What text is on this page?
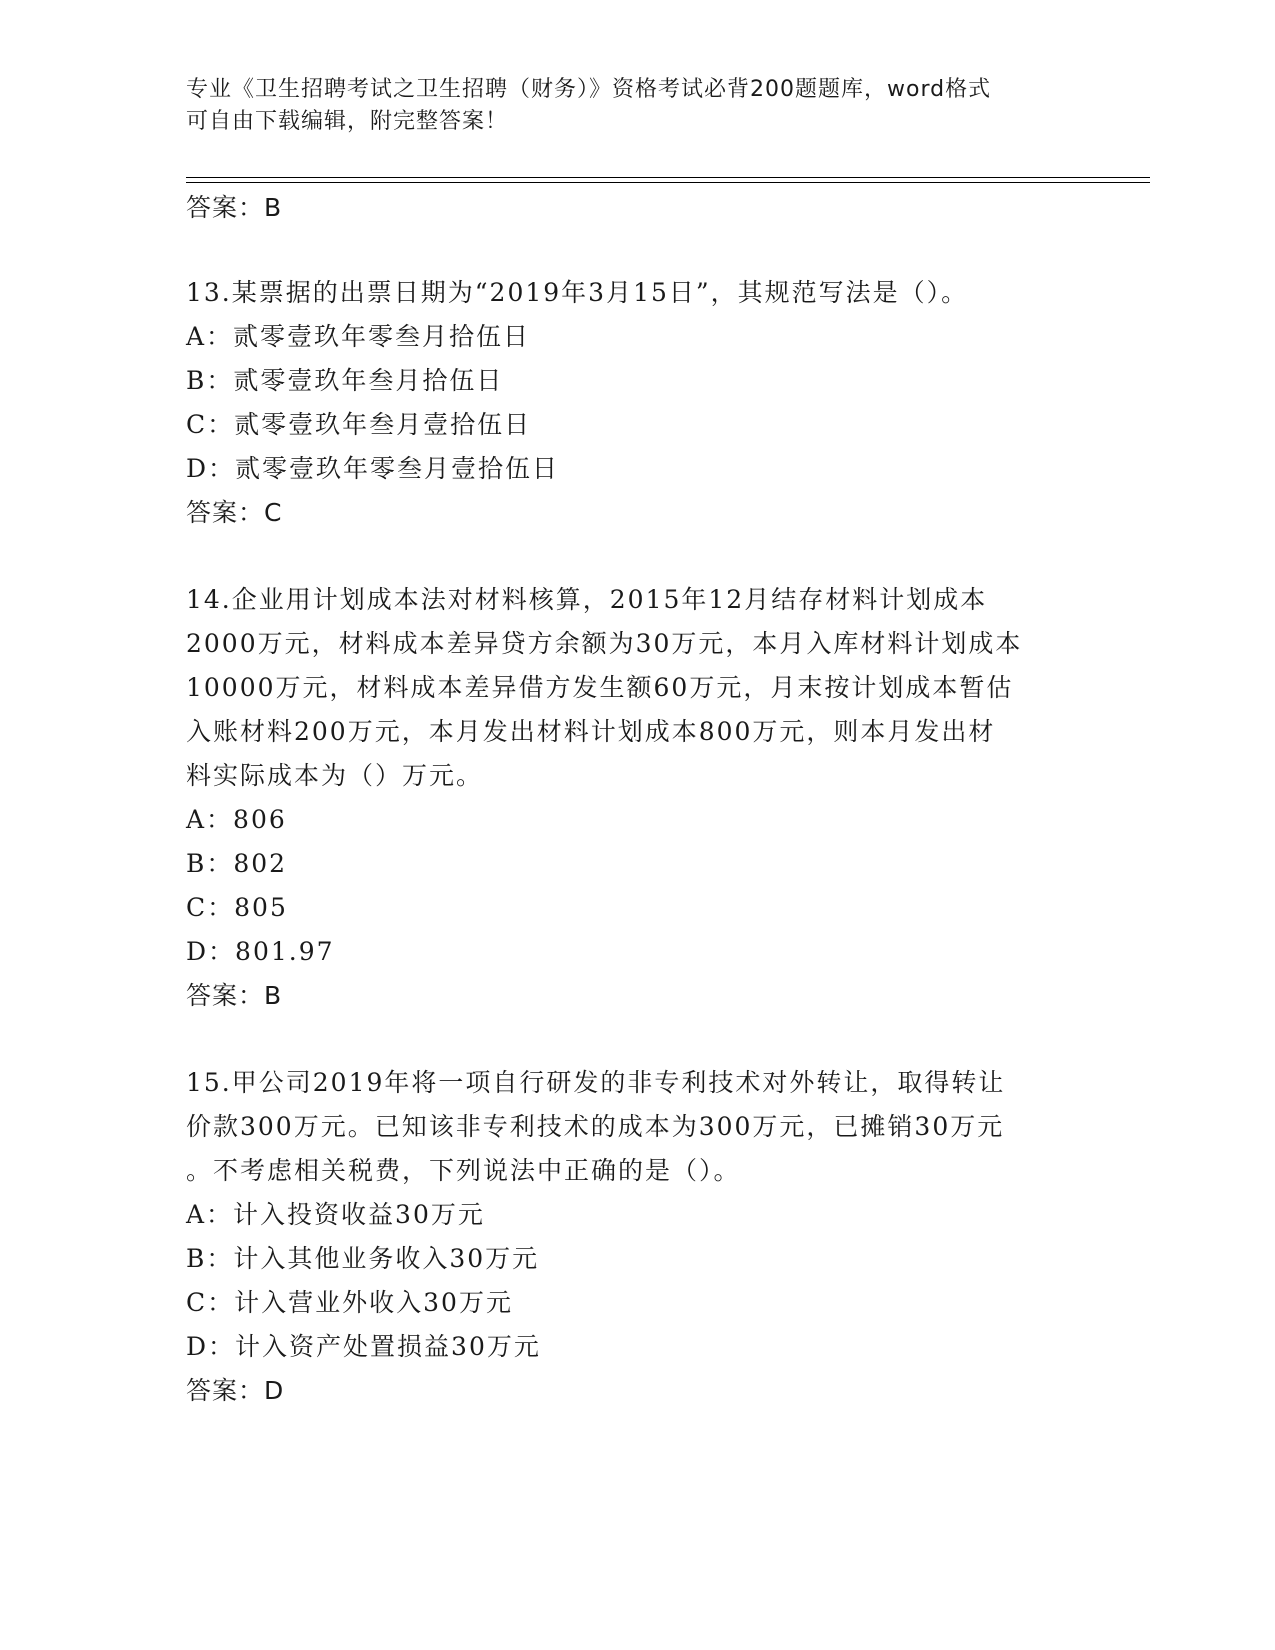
专业《卫生招聘考试之卫生招聘（财务）》资格考试必背200题题库，word格式
可自由下载编辑，附完整答案！
答案：B
13.某票据的出票日期为“2019年3月15日”，其规范写法是（）。
A：贰零壹玖年零叁月拾伍日
B：贰零壹玖年叁月拾伍日
C：贰零壹玖年叁月壹拾伍日
D：贰零壹玖年零叁月壹拾伍日
答案：C
14.企业用计划成本法对材料核算，2015年12月结存材料计划成本
2000万元，材料成本差异贷方余额为30万元，本月入库材料计划成本
10000万元，材料成本差异借方发生额60万元，月末按计划成本暂估
入账材料200万元，本月发出材料计划成本800万元，则本月发出材
料实际成本为（）万元。
A：806
B：802
C：805
D：801.97
答案：B
15.甲公司2019年将一项自行研发的非专利技术对外转让，取得转让
价款300万元。已知该非专利技术的成本为300万元，已摊销30万元
。不考虑相关税费，下列说法中正确的是（）。
A：计入投资收益30万元
B：计入其他业务收入30万元
C：计入营业外收入30万元
D：计入资产处置损益30万元
答案：D
